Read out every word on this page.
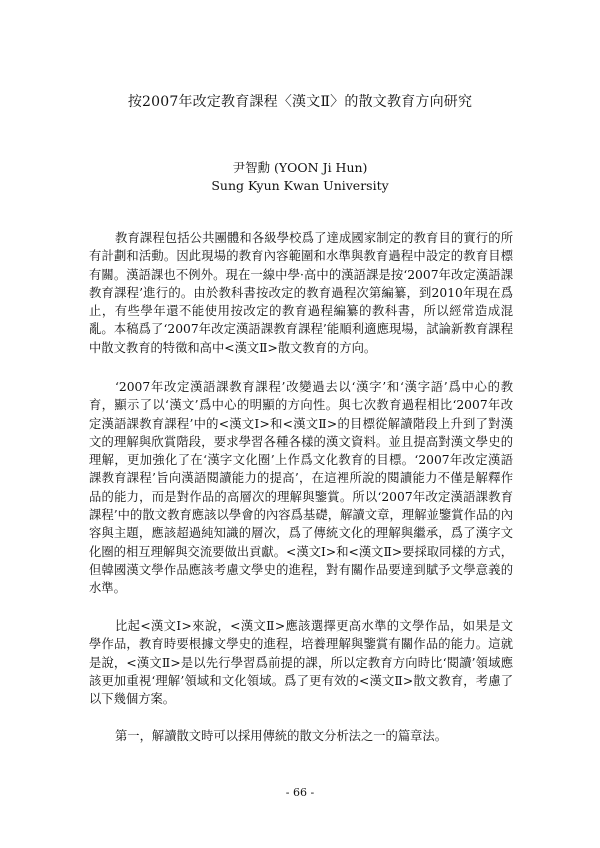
按2007年改定教育課程〈漢文Ⅱ〉的散文教育方向研究
尹智勳 (YOON Ji Hun)
Sung Kyun Kwan University

教育課程包括公共團體和各級學校爲了達成國家制定的教育目的實行的所有計劃和活動。因此現場的教育內容範圍和水準與教育過程中設定的教育目標有關。漢語課也不例外。現在一線中學·高中的漢語課是按‘2007年改定漢語課教育課程’進行的。由於教科書按改定的教育過程次第編纂，到2010年現在爲止，有些學年還不能使用按改定的教育過程編纂的教科書，所以經常造成混亂。本稿爲了‘2007年改定漢語課教育課程’能順利適應現場，試論新教育課程中散文教育的特徵和高中<漢文Ⅱ>散文教育的方向。

‘2007年改定漢語課教育課程’改變過去以‘漢字’和‘漢字語’爲中心的教育，顯示了以‘漢文’爲中心的明顯的方向性。與七次教育過程相比‘2007年改定漢語課教育課程’中的<漢文Ⅰ>和<漢文Ⅱ>的目標從解讀階段上升到了對漢文的理解與欣賞階段，要求學習各種各樣的漢文資料。並且提高對漢文學史的理解，更加強化了在‘漢字文化圈’上作爲文化教育的目標。‘2007年改定漢語課教育課程’旨向漢語閱讀能力的提高’，在這裡所說的閱讀能力不僅是解釋作品的能力，而是對作品的高層次的理解與鑒賞。所以‘2007年改定漢語課教育課程’中的散文教育應該以學會的內容爲基礎，解讀文章，理解並鑒賞作品的內容與主題，應該超過純知識的層次，爲了傳統文化的理解與繼承，爲了漢字文化圈的相互理解與交流要做出貢獻。<漢文Ⅰ>和<漢文Ⅱ>要採取同樣的方式，但韓國漢文學作品應該考慮文學史的進程，對有關作品要達到賦予文學意義的水準。

比起<漢文Ⅰ>來說，<漢文Ⅱ>應該選擇更高水準的文學作品，如果是文學作品，教育時要根據文學史的進程，培養理解與鑒賞有關作品的能力。這就是說，<漢文Ⅱ>是以先行學習爲前提的課，所以定教育方向時比‘閱讀’領域應該更加重視‘理解’領域和文化領域。爲了更有效的<漢文Ⅱ>散文教育，考慮了以下幾個方案。

第一，解讀散文時可以採用傳統的散文分析法之一的篇章法。

- 66 -
